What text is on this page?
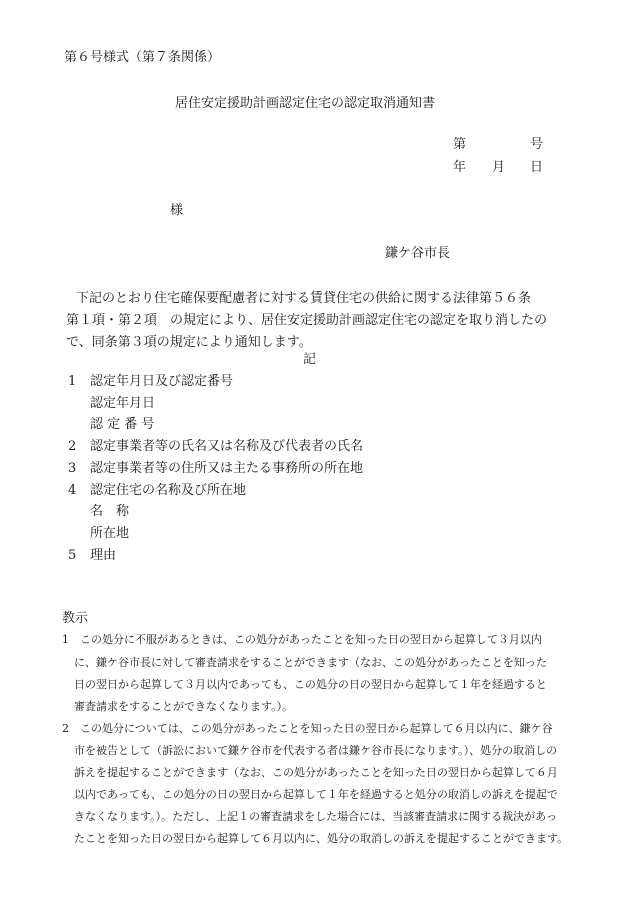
第６号様式（第７条関係）
居住安定援助計画認定住宅の認定取消通知書
第	号
年 月 日
様
鎌ケ谷市長
下記のとおり住宅確保要配慮者に対する賃貸住宅の供給に関する法律第５６条
第１項・第２項　の規定により、居住安定援助計画認定住宅の認定を取り消したの
で、同条第３項の規定により通知します。
記
1 認定年月日及び認定番号
認定年月日
認 定 番 号
2 認定事業者等の氏名又は名称及び代表者の氏名
3 認定事業者等の住所又は主たる事務所の所在地
4 認定住宅の名称及び所在地
名　称
所在地
5 理由
教示
1　この処分に不服があるときは、この処分があったことを知った日の翌日から起算して３月以内
に、鎌ケ谷市長に対して審査請求をすることができます（なお、この処分があったことを知った
日の翌日から起算して３月以内であっても、この処分の日の翌日から起算して１年を経過すると
審査請求をすることができなくなります。）。
2　この処分については、この処分があったことを知った日の翌日から起算して６月以内に、鎌ケ谷
市を被告として（訴訟において鎌ケ谷市を代表する者は鎌ケ谷市長になります。）、処分の取消しの
訴えを提起することができます（なお、この処分があったことを知った日の翌日から起算して６月
以内であっても、この処分の日の翌日から起算して１年を経過すると処分の取消しの訴えを提起で
きなくなります。）。ただし、上記１の審査請求をした場合には、当該審査請求に関する裁決があっ
たことを知った日の翌日から起算して６月以内に、処分の取消しの訴えを提起することができます。
